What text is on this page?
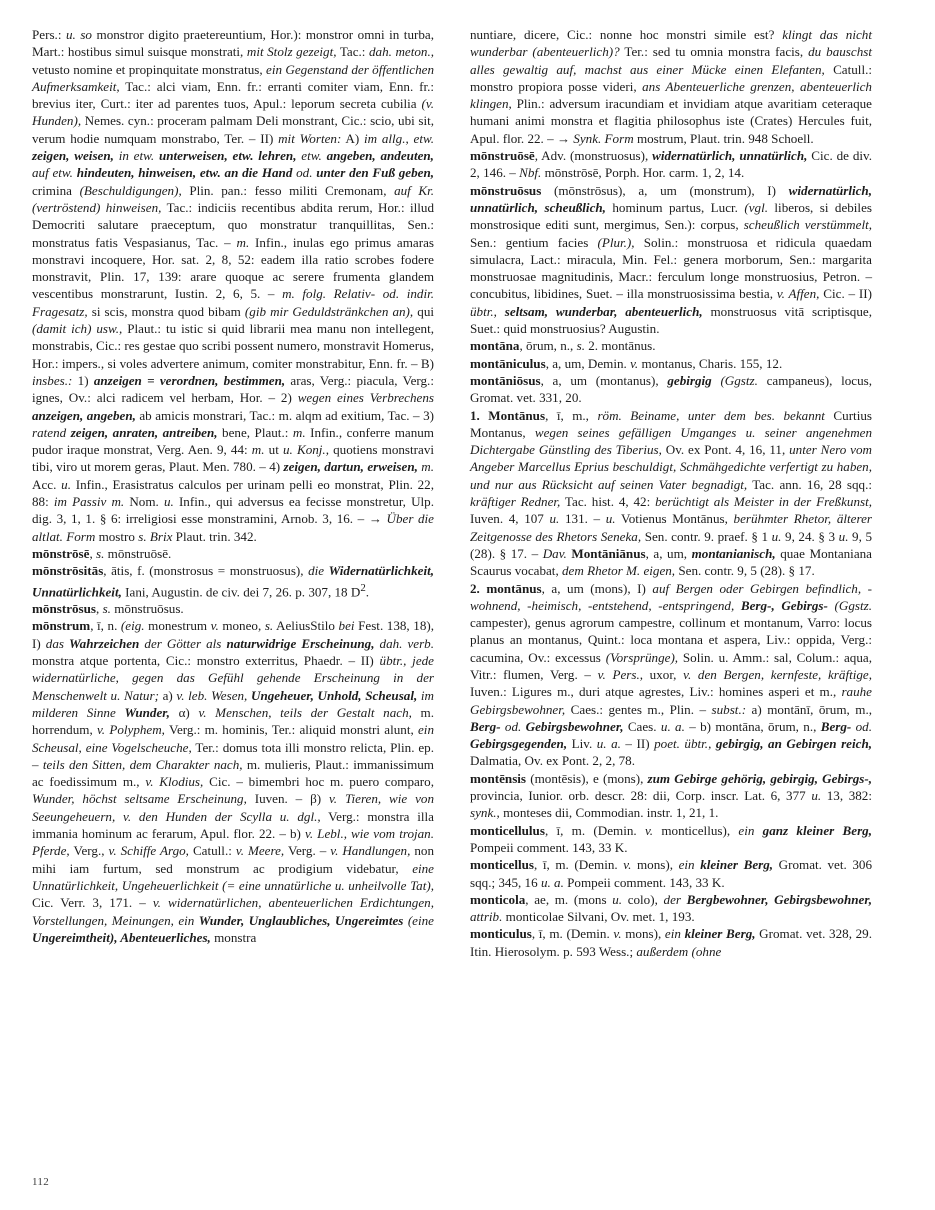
Pers.: u. so monstror digito praetereuntium, Hor.): monstror omni in turba, Mart.: hostibus simul suisque monstrati, mit Stolz gezeigt, Tac.: dah. meton., vetusto nomine et propinquitate monstratus, ein Gegenstand der öffentlichen Aufmerksamkeit, Tac.: alci viam, Enn. fr.: erranti comiter viam, Enn. fr.: brevius iter, Curt.: iter ad parentes tuos, Apul.: leporum secreta cubilia (v. Hunden), Nemes. cyn.: proceram palmam Deli monstrant, Cic.: scio, ubi sit, verum hodie numquam monstrabo, Ter. – II) mit Worten: A) im allg., etw. zeigen, weisen, in etw. unterweisen, etw. lehren, etw. angeben, andeuten, auf etw. hindeuten, hinweisen, etw. an die Hand od. unter den Fuß geben, crimina (Beschuldigungen), Plin. pan.: fesso militi Cremonam, auf Kr. (vertröstend) hinweisen, Tac.: indiciis recentibus abdita rerum, Hor.: illud Democriti salutare praeceptum, quo monstratur tranquillitas, Sen.: monstratus fatis Vespasianus, Tac. – m. Infin., inulas ego primus amaras monstravi incoquere, Hor. sat. 2, 8, 52: eadem illa ratio scrobes fodere monstravit, Plin. 17, 139: arare quoque ac serere frumenta glandem vescentibus monstrarunt, Iustin. 2, 6, 5. – m. folg. Relativ- od. indir. Fragesatz, si scis, monstra quod bibam (gib mir Geduldstränkchen an), qui (damit ich) usw., Plaut.: tu istic si quid librarii mea manu non intellegent, monstrabis, Cic.: res gestae quo scribi possent numero, monstravit Homerus, Hor.: impers., si voles advertere animum, comiter monstrabitur, Enn. fr. – B) insbes.: 1) anzeigen = verordnen, bestimmen, aras, Verg.: piacula, Verg.: ignes, Ov.: alci radicem vel herbam, Hor. – 2) wegen eines Verbrechens anzeigen, angeben, ab amicis monstrari, Tac.: m. alqm ad exitium, Tac. – 3) ratend zeigen, anraten, antreiben, bene, Plaut.: m. Infin., conferre manum pudor iraque monstrat, Verg. Aen. 9, 44: m. ut u. Konj., quotiens monstravi tibi, viro ut morem geras, Plaut. Men. 780. – 4) zeigen, dartun, erweisen, m. Acc. u. Infin., Erasistratus calculos per urinam pelli eo monstrat, Plin. 22, 88: im Passiv m. Nom. u. Infin., qui adversus ea fecisse monstretur, Ulp. dig. 3, 1, 1. § 6: irreligiosi esse monstramini, Arnob. 3, 16. – → Über die altlat. Form mostro s. Brix Plaut. trin. 342.

mōnstrōsē, s. mōnstruōsē.

mōnstrōsitās, ātis, f. (monstrosus = monstruosus), die Widernatürlichkeit, Unnatürlichkeit, Iani, Augustin. de civ. dei 7, 26. p. 307, 18 $D^2$.

mōnstrōsus, s. mōnstruōsus.

mōnstrum, ī, n. (eig. monestrum v. moneo, s. AeliusStilo bei Fest. 138, 18), I) das Wahrzeichen der Götter als naturwidrige Erscheinung, dah. verb. monstra atque portenta, Cic.: monstro exterritus, Phaedr. – II) übtr., jede widernatürliche, gegen das Gefühl gehende Erscheinung in der Menschenwelt u. Natur; a) v. leb. Wesen, Ungeheuer, Unhold, Scheusal, im milderen Sinne Wunder, α) v. Menschen, teils der Gestalt nach, m. horrendum, v. Polyphem, Verg.: m. hominis, Ter.: aliquid monstri alunt, ein Scheusal, eine Vogelscheuche, Ter.: domus tota illi monstro relicta, Plin. ep. – teils den Sitten, dem Charakter nach, m. mulieris, Plaut.: immanissimum ac foedissimum m., v. Klodius, Cic. – bimembri hoc m. puero comparo, Wunder, höchst seltsame Erscheinung, Iuven. – β) v. Tieren, wie von Seeungeheuern, v. den Hunden der Scylla u. dgl., Verg.: monstra illa immania hominum ac ferarum, Apul. flor. 22. – b) v. Lebl., wie vom trojan. Pferde, Verg., v. Schiffe Argo, Catull.: v. Meere, Verg. – v. Handlungen, non mihi iam furtum, sed monstrum ac prodigium videbatur, eine Unnatürlichkeit, Ungeheuerlichkeit (= eine unnatürliche u. unheilvolle Tat), Cic. Verr. 3, 171. – v. widernatürlichen, abenteuerlichen Erdichtungen, Vorstellungen, Meinungen, ein Wunder, Unglaubliches, Ungereimtes (eine Ungereimtheit), Abenteuerliches, monstra

nuntiare, dicere, Cic.: nonne hoc monstri simile est? klingt das nicht wunderbar (abenteuerlich)? Ter.: sed tu omnia monstra facis, du bauschst alles gewaltig auf, machst aus einer Mücke einen Elefanten, Catull.: monstro propiora posse videri, ans Abenteuerliche grenzen, abenteuerlich klingen, Plin.: adversum iracundiam et invidiam atque avaritiam ceteraque humani animi monstra et flagitia philosophus iste (Crates) Hercules fuit, Apul. flor. 22. – → Synk. Form mostrum, Plaut. trin. 948 Schoell.

mōnstruōsē, Adv. (monstruosus), widernatürlich, unnatürlich, Cic. de div. 2, 146. – Nbf. mōnstrōsē, Porph. Hor. carm. 1, 2, 14.

mōnstruōsus (mōnstrōsus), a, um (monstrum), I) widernatürlich, unnatürlich, scheußlich, hominum partus, Lucr. (vgl. liberos, si debiles monstrosique editi sunt, mergimus, Sen.): corpus, scheußlich verstümmelt, Sen.: gentium facies (Plur.), Solin.: monstruosa et ridicula quaedam simulacra, Lact.: miracula, Min. Fel.: genera morborum, Sen.: margarita monstruosae magnitudinis, Macr.: ferculum longe monstruosius, Petron. – concubitus, libidines, Suet. – illa monstruosissima bestia, v. Affen, Cic. – II) übtr., seltsam, wunderbar, abenteuerlich, monstruosus vitā scriptisque, Suet.: quid monstruosius? Augustin.

montāna, ōrum, n., s. 2. montānus.

montāniculus, a, um, Demin. v. montanus, Charis. 155, 12.

montāniōsus, a, um (montanus), gebirgig (Ggstz. campaneus), locus, Gromat. vet. 331, 20.

1. Montānus, ī, m., röm. Beiname, unter dem bes. bekannt Curtius Montanus, wegen seines gefälligen Umganges u. seiner angenehmen Dichtergabe Günstling des Tiberius, Ov. ex Pont. 4, 16, 11, unter Nero vom Angeber Marcellus Eprius beschuldigt, Schmähgedichte verfertigt zu haben, und nur aus Rücksicht auf seinen Vater begnadigt, Tac. ann. 16, 28 sqq.: kräftiger Redner, Tac. hist. 4, 42: berüchtigt als Meister in der Freßkunst, Iuven. 4, 107 u. 131. – u. Votienus Montānus, berühmter Rhetor, älterer Zeitgenosse des Rhetors Seneka, Sen. contr. 9. praef. § 1 u. 9, 24. § 3 u. 9, 5 (28). § 17. – Dav. Montāniānus, a, um, montanianisch, quae Montaniana Scaurus vocabat, dem Rhetor M. eigen, Sen. contr. 9, 5 (28). § 17.

2. montānus, a, um (mons), I) auf Bergen oder Gebirgen befindlich, -wohnend, -heimisch, -entstehend, -entspringend, Berg-, Gebirgs- (Ggstz. campester), genus agrorum campestre, collinum et montanum, Varro: locus planus an montanus, Quint.: loca montana et aspera, Liv.: oppida, Verg.: cacumina, Ov.: excessus (Vorsprünge), Solin. u. Amm.: sal, Colum.: aqua, Vitr.: flumen, Verg. – v. Pers., uxor, v. den Bergen, kernfeste, kräftige, Iuven.: Ligures m., duri atque agrestes, Liv.: homines asperi et m., rauhe Gebirgsbewohner, Caes.: gentes m., Plin. – subst.: a) montānī, ōrum, m., Berg- od. Gebirgsbewohner, Caes. u. a. – b) montāna, ōrum, n., Berg- od. Gebirgsgegenden, Liv. u. a. – II) poet. übtr., gebirgig, an Gebirgen reich, Dalmatia, Ov. ex Pont. 2, 2, 78.

montēnsis (montēsis), e (mons), zum Gebirge gehörig, gebirgig, Gebirgs-, provincia, Iunior. orb. descr. 28: dii, Corp. inscr. Lat. 6, 377 u. 13, 382: synk., monteses dii, Commodian. instr. 1, 21, 1.

monticellulus, ī, m. (Demin. v. monticellus), ein ganz kleiner Berg, Pompeii comment. 143, 33 K.

monticellus, ī, m. (Demin. v. mons), ein kleiner Berg, Gromat. vet. 306 sqq.; 345, 16 u. a. Pompeii comment. 143, 33 K.

monticola, ae, m. (mons u. colo), der Bergbewohner, Gebirgsbewohner, attrib. monticolae Silvani, Ov. met. 1, 193.

monticulus, ī, m. (Demin. v. mons), ein kleiner Berg, Gromat. vet. 328, 29. Itin. Hierosolym. p. 593 Wess.; außerdem (ohne

112
